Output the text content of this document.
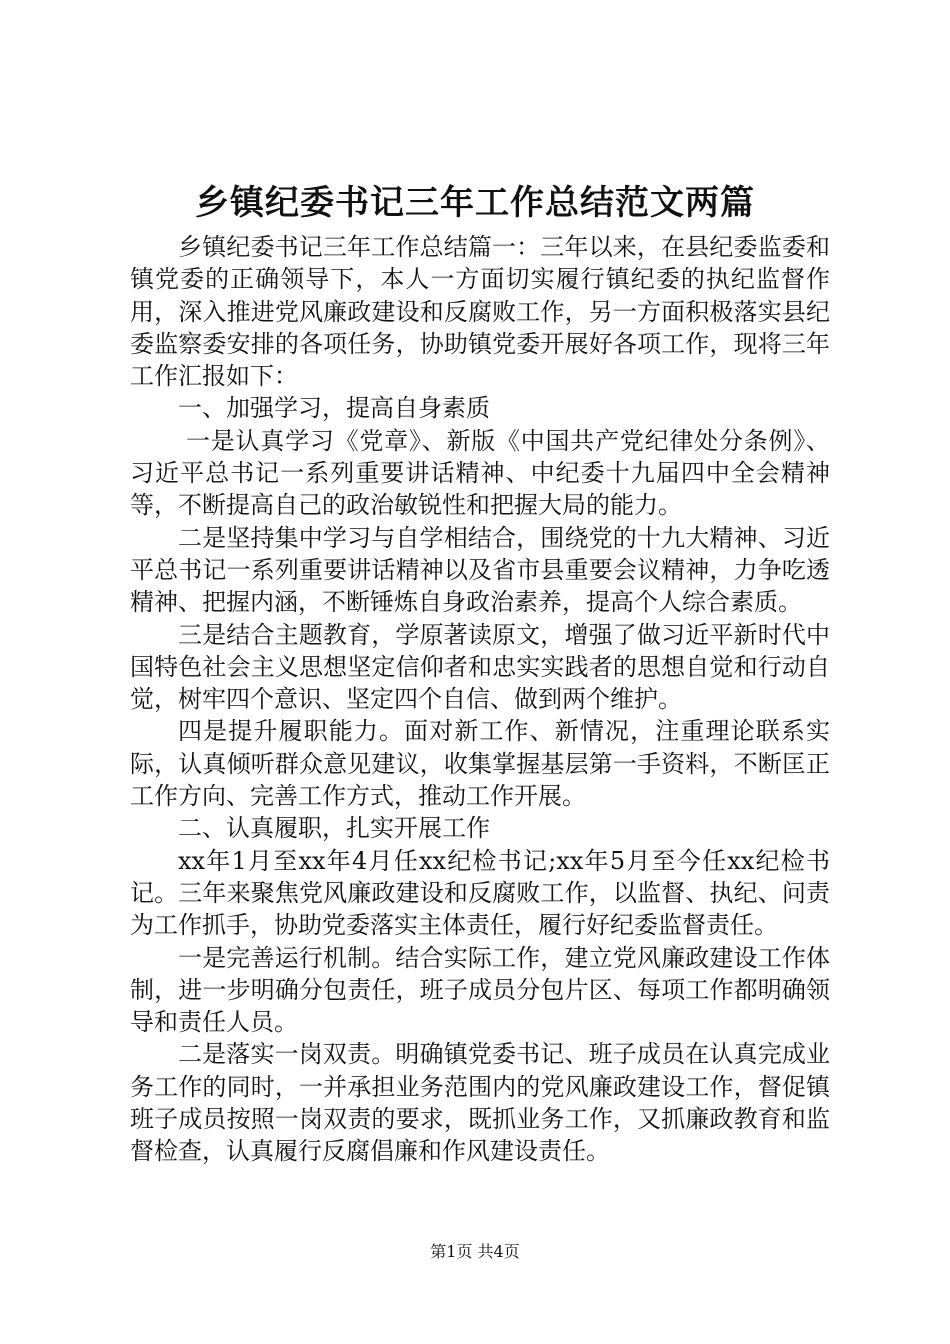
乡镇纪委书记三年工作总结范文两篇

乡镇纪委书记三年工作总结篇一：三年以来，在县纪委监委和镇党委的正确领导下，本人一方面切实履行镇纪委的执纪监督作用，深入推进党风廉政建设和反腐败工作，另一方面积极落实县纪委监察委安排的各项任务，协助镇党委开展好各项工作，现将三年工作汇报如下：

一、加强学习，提高自身素质

一是认真学习《党章》、新版《中国共产党纪律处分条例》、习近平总书记一系列重要讲话精神、中纪委十九届四中全会精神等，不断提高自己的政治敏锐性和把握大局的能力。

二是坚持集中学习与自学相结合，围绕党的十九大精神、习近平总书记一系列重要讲话精神以及省市县重要会议精神，力争吃透精神、把握内涵，不断锤炼自身政治素养，提高个人综合素质。

三是结合主题教育，学原著读原文，增强了做习近平新时代中国特色社会主义思想坚定信仰者和忠实实践者的思想自觉和行动自觉，树牢四个意识、坚定四个自信、做到两个维护。

四是提升履职能力。面对新工作、新情况，注重理论联系实际，认真倾听群众意见建议，收集掌握基层第一手资料，不断匡正工作方向、完善工作方式，推动工作开展。

二、认真履职，扎实开展工作

xx年1月至xx年4月任xx纪检书记;xx年5月至今任xx纪检书记。三年来聚焦党风廉政建设和反腐败工作，以监督、执纪、问责为工作抓手，协助党委落实主体责任，履行好纪委监督责任。

一是完善运行机制。结合实际工作，建立党风廉政建设工作体制，进一步明确分包责任，班子成员分包片区、每项工作都明确领导和责任人员。

二是落实一岗双责。明确镇党委书记、班子成员在认真完成业务工作的同时，一并承担业务范围内的党风廉政建设工作，督促镇班子成员按照一岗双责的要求，既抓业务工作，又抓廉政教育和监督检查，认真履行反腐倡廉和作风建设责任。

第1页 共4页
